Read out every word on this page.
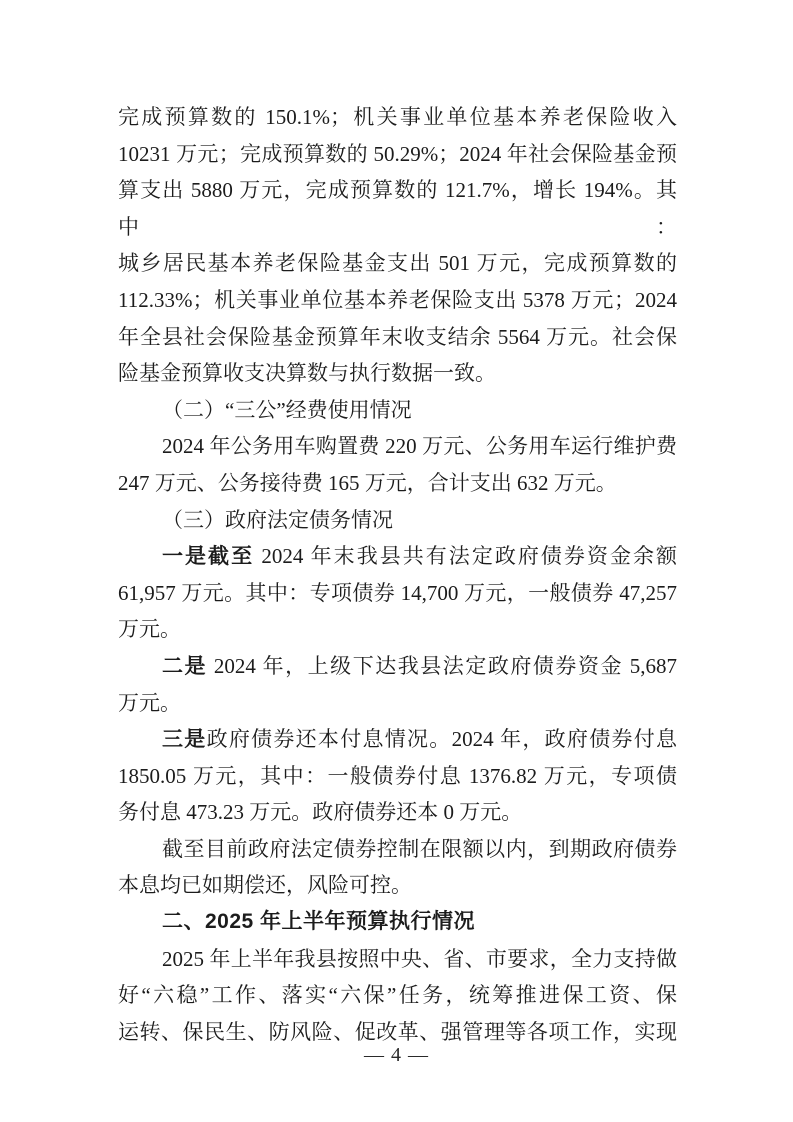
完成预算数的 150.1%；机关事业单位基本养老保险收入
10231 万元；完成预算数的 50.29%；2024 年社会保险基金预
算支出 5880 万元，完成预算数的 121.7%，增长 194%。其中：
城乡居民基本养老保险基金支出 501 万元，完成预算数的
112.33%；机关事业单位基本养老保险支出 5378 万元；2024
年全县社会保险基金预算年末收支结余 5564 万元。社会保
险基金预算收支决算数与执行数据一致。
（二）“三公”经费使用情况
2024 年公务用车购置费 220 万元、公务用车运行维护费
247 万元、公务接待费 165 万元，合计支出 632 万元。
（三）政府法定债务情况
一是截至 2024 年末我县共有法定政府债券资金余额
61,957 万元。其中：专项债券 14,700 万元，一般债券 47,257
万元。
二是 2024 年，上级下达我县法定政府债券资金 5,687
万元。
三是政府债券还本付息情况。2024 年，政府债券付息
1850.05 万元，其中：一般债券付息 1376.82 万元，专项债
务付息 473.23 万元。政府债券还本 0 万元。
截至目前政府法定债券控制在限额以内，到期政府债券
本息均已如期偿还，风险可控。
二、2025 年上半年预算执行情况
2025 年上半年我县按照中央、省、市要求，全力支持做
好“六稳”工作、落实“六保”任务，统筹推进保工资、保
运转、保民生、防风险、促改革、强管理等各项工作，实现
— 4 —
